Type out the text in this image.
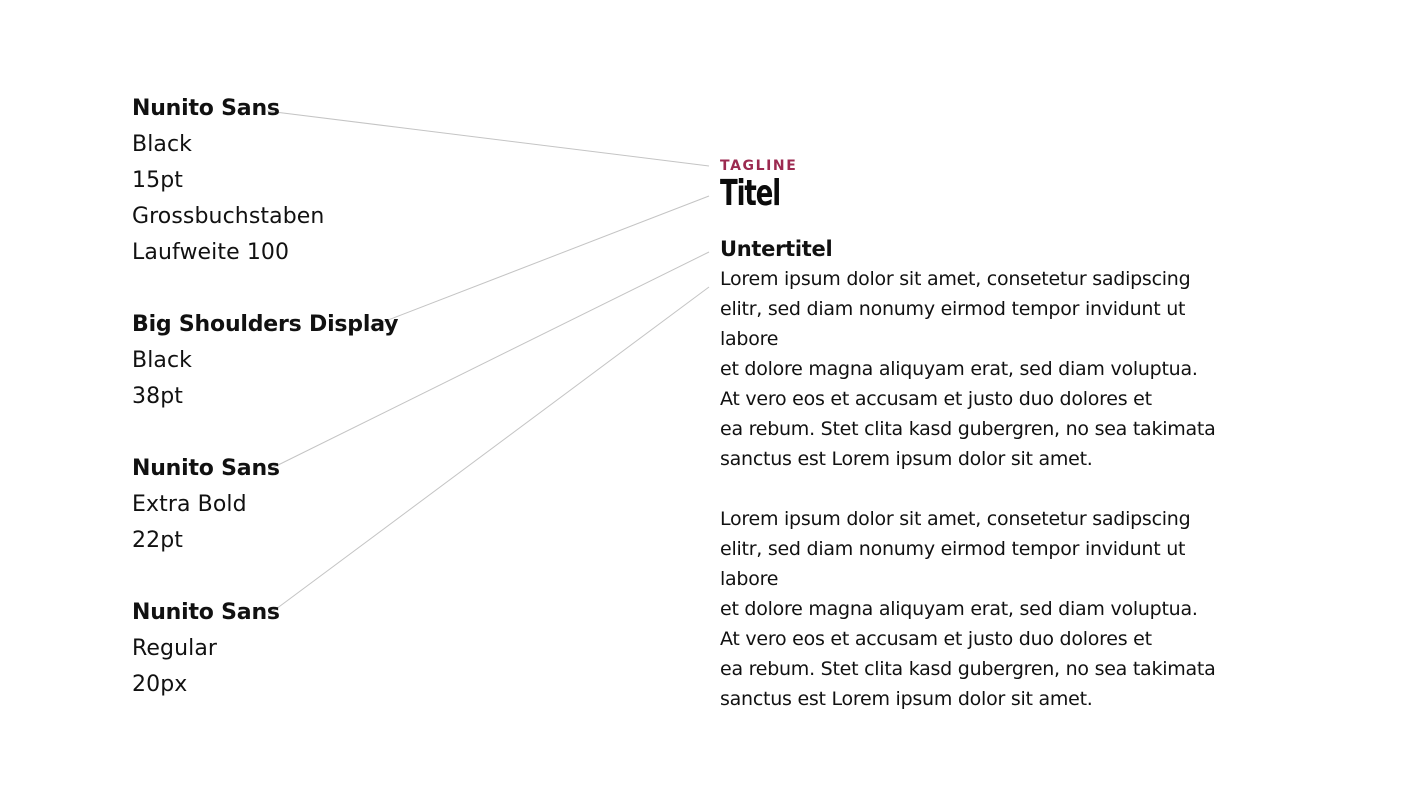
Nunito Sans

Black

15pt

Grossbuchstaben

Laufweite 100

Big Shoulders Display

Black

38pt

Nunito Sans

Extra Bold

22pt

Nunito Sans

Regular

20px

TAGLINE

Titel

Untertitel

Lorem ipsum dolor sit amet, consetetur sadipscing

elitr, sed diam nonumy eirmod tempor invidunt ut

labore

et dolore magna aliquyam erat, sed diam voluptua.

At vero eos et accusam et justo duo dolores et

ea rebum. Stet clita kasd gubergren, no sea takimata

sanctus est Lorem ipsum dolor sit amet.

Lorem ipsum dolor sit amet, consetetur sadipscing

elitr, sed diam nonumy eirmod tempor invidunt ut

labore

et dolore magna aliquyam erat, sed diam voluptua.

At vero eos et accusam et justo duo dolores et

ea rebum. Stet clita kasd gubergren, no sea takimata

sanctus est Lorem ipsum dolor sit amet.
